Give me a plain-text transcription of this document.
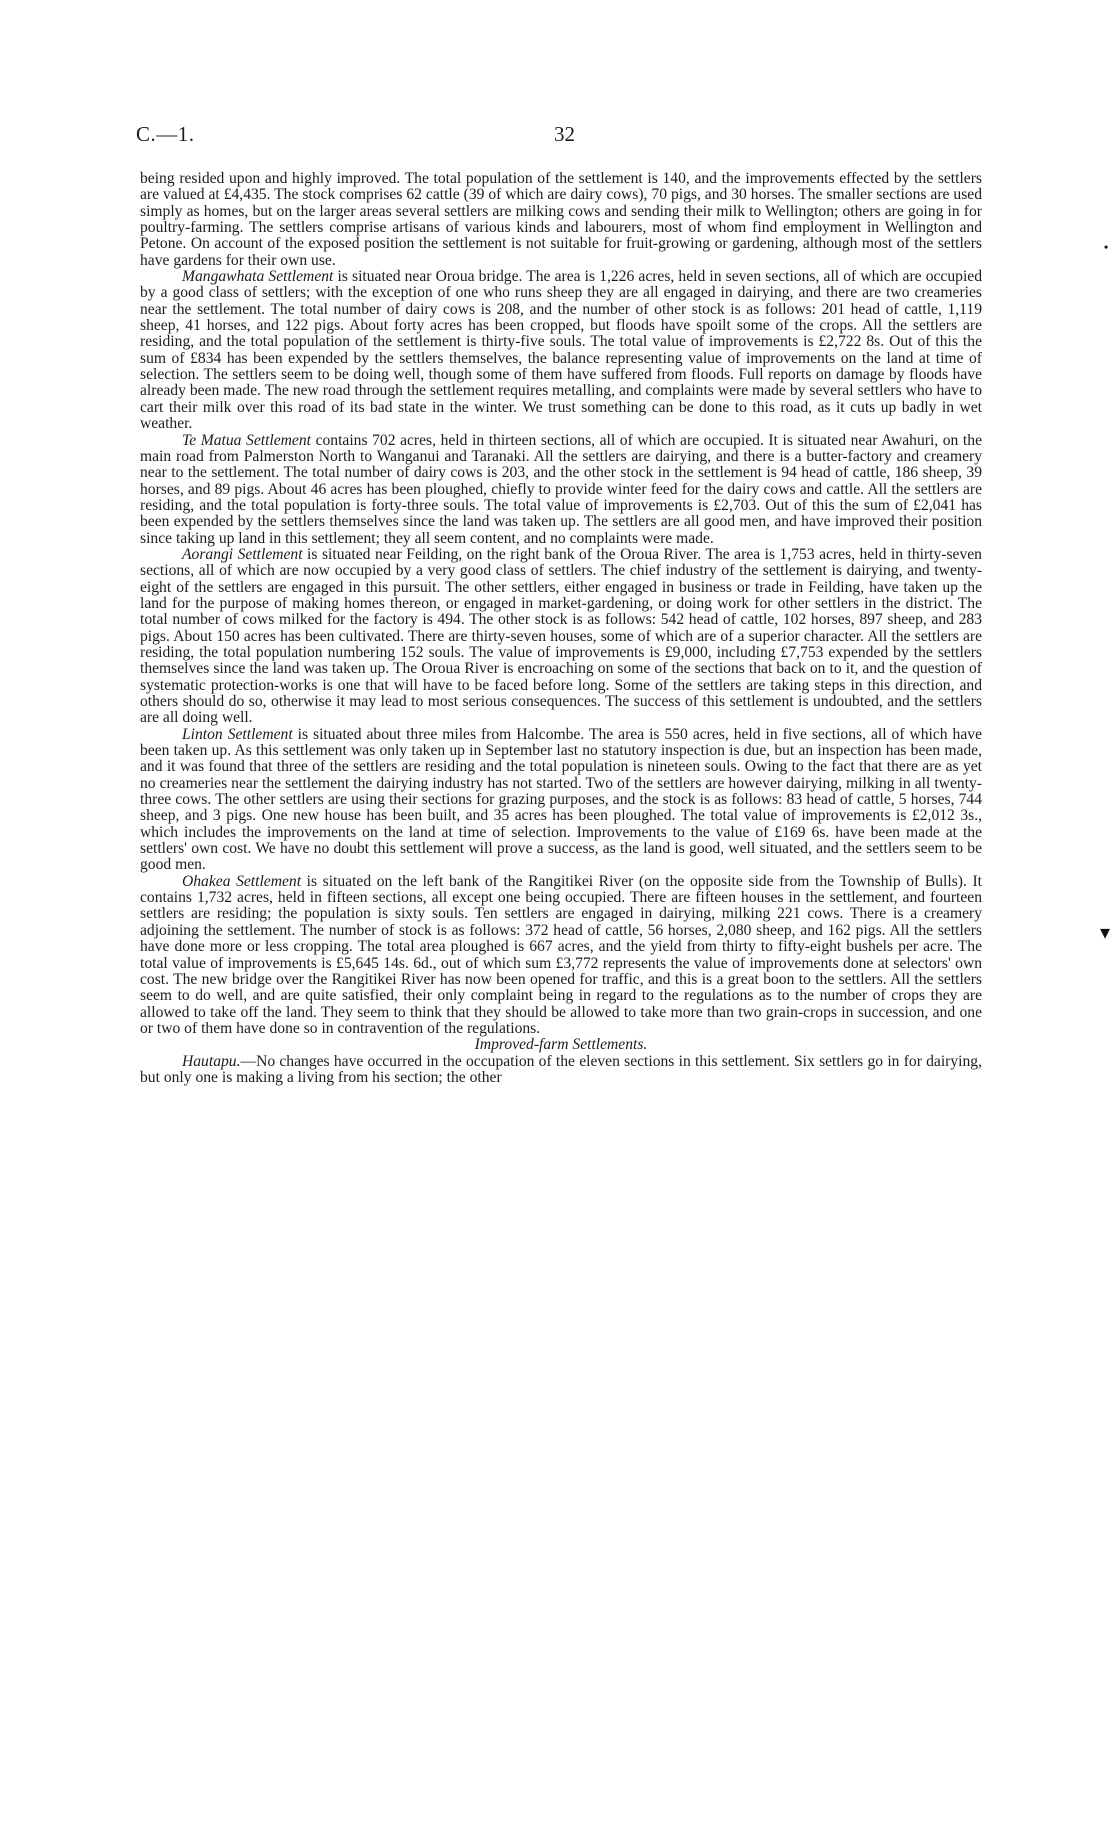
C.—1.	32

being resided upon and highly improved. The total population of the settlement is 140, and the improvements effected by the settlers are valued at £4,435. The stock comprises 62 cattle (39 of which are dairy cows), 70 pigs, and 30 horses. The smaller sections are used simply as homes, but on the larger areas several settlers are milking cows and sending their milk to Wellington; others are going in for poultry-farming. The settlers comprise artisans of various kinds and labourers, most of whom find employment in Wellington and Petone. On account of the exposed position the settlement is not suitable for fruit-growing or gardening, although most of the settlers have gardens for their own use.

Mangawhata Settlement is situated near Oroua bridge. The area is 1,226 acres, held in seven sections, all of which are occupied by a good class of settlers; with the exception of one who runs sheep they are all engaged in dairying, and there are two creameries near the settlement. The total number of dairy cows is 208, and the number of other stock is as follows: 201 head of cattle, 1,119 sheep, 41 horses, and 122 pigs. About forty acres has been cropped, but floods have spoilt some of the crops. All the settlers are residing, and the total population of the settlement is thirty-five souls. The total value of improvements is £2,722 8s. Out of this the sum of £834 has been expended by the settlers themselves, the balance representing value of improvements on the land at time of selection. The settlers seem to be doing well, though some of them have suffered from floods. Full reports on damage by floods have already been made. The new road through the settlement requires metalling, and complaints were made by several settlers who have to cart their milk over this road of its bad state in the winter. We trust something can be done to this road, as it cuts up badly in wet weather.

Te Matua Settlement contains 702 acres, held in thirteen sections, all of which are occupied. It is situated near Awahuri, on the main road from Palmerston North to Wanganui and Taranaki. All the settlers are dairying, and there is a butter-factory and creamery near to the settlement. The total number of dairy cows is 203, and the other stock in the settlement is 94 head of cattle, 186 sheep, 39 horses, and 89 pigs. About 46 acres has been ploughed, chiefly to provide winter feed for the dairy cows and cattle. All the settlers are residing, and the total population is forty-three souls. The total value of improvements is £2,703. Out of this the sum of £2,041 has been expended by the settlers themselves since the land was taken up. The settlers are all good men, and have improved their position since taking up land in this settlement; they all seem content, and no complaints were made.

Aorangi Settlement is situated near Feilding, on the right bank of the Oroua River. The area is 1,753 acres, held in thirty-seven sections, all of which are now occupied by a very good class of settlers. The chief industry of the settlement is dairying, and twenty-eight of the settlers are engaged in this pursuit. The other settlers, either engaged in business or trade in Feilding, have taken up the land for the purpose of making homes thereon, or engaged in market-gardening, or doing work for other settlers in the district. The total number of cows milked for the factory is 494. The other stock is as follows: 542 head of cattle, 102 horses, 897 sheep, and 283 pigs. About 150 acres has been cultivated. There are thirty-seven houses, some of which are of a superior character. All the settlers are residing, the total population numbering 152 souls. The value of improvements is £9,000, including £7,753 expended by the settlers themselves since the land was taken up. The Oroua River is encroaching on some of the sections that back on to it, and the question of systematic protection-works is one that will have to be faced before long. Some of the settlers are taking steps in this direction, and others should do so, otherwise it may lead to most serious consequences. The success of this settlement is undoubted, and the settlers are all doing well.

Linton Settlement is situated about three miles from Halcombe. The area is 550 acres, held in five sections, all of which have been taken up. As this settlement was only taken up in September last no statutory inspection is due, but an inspection has been made, and it was found that three of the settlers are residing and the total population is nineteen souls. Owing to the fact that there are as yet no creameries near the settlement the dairying industry has not started. Two of the settlers are however dairying, milking in all twenty-three cows. The other settlers are using their sections for grazing purposes, and the stock is as follows: 83 head of cattle, 5 horses, 744 sheep, and 3 pigs. One new house has been built, and 35 acres has been ploughed. The total value of improvements is £2,012 3s., which includes the improvements on the land at time of selection. Improvements to the value of £169 6s. have been made at the settlers' own cost. We have no doubt this settlement will prove a success, as the land is good, well situated, and the settlers seem to be good men.

Ohakea Settlement is situated on the left bank of the Rangitikei River (on the opposite side from the Township of Bulls). It contains 1,732 acres, held in fifteen sections, all except one being occupied. There are fifteen houses in the settlement, and fourteen settlers are residing; the population is sixty souls. Ten settlers are engaged in dairying, milking 221 cows. There is a creamery adjoining the settlement. The number of stock is as follows: 372 head of cattle, 56 horses, 2,080 sheep, and 162 pigs. All the settlers have done more or less cropping. The total area ploughed is 667 acres, and the yield from thirty to fifty-eight bushels per acre. The total value of improvements is £5,645 14s. 6d., out of which sum £3,772 represents the value of improvements done at selectors' own cost. The new bridge over the Rangitikei River has now been opened for traffic, and this is a great boon to the settlers. All the settlers seem to do well, and are quite satisfied, their only complaint being in regard to the regulations as to the number of crops they are allowed to take off the land. They seem to think that they should be allowed to take more than two grain-crops in succession, and one or two of them have done so in contravention of the regulations.

Improved-farm Settlements.

Hautapu.—No changes have occurred in the occupation of the eleven sections in this settlement. Six settlers go in for dairying, but only one is making a living from his section; the other

•
▾
